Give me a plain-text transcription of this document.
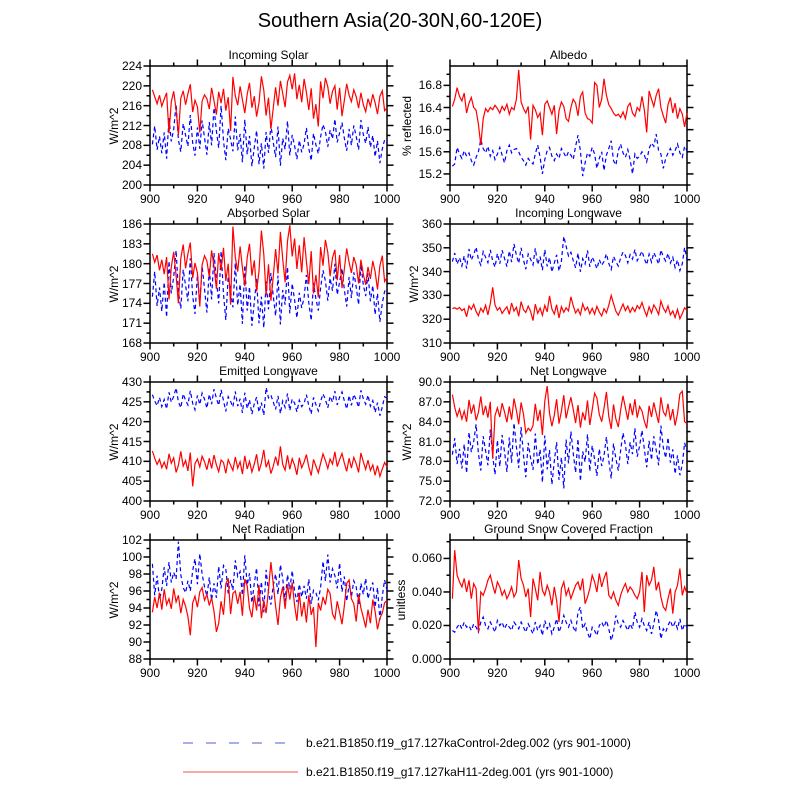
Southern Asia(20-30N,60-120E)
Incoming Solar
W/m^2
900 920 940 960 980 1000
200
204
208
212
216
220
224
Albedo
% reflected
900 920 940 960 980 1000
15.2
15.6
16.0
16.4
16.8
Absorbed Solar
W/m^2
900 920 940 960 980 1000
168
171
174
177
180
183
186
Incoming Longwave
W/m^2
900 920 940 960 980 1000
310
320
330
340
350
360
Emitted Longwave
W/m^2
900 920 940 960 980 1000
400
405
410
415
420
425
430
Net Longwave
W/m^2
900 920 940 960 980 1000
72.0
75.0
78.0
81.0
84.0
87.0
90.0
Net Radiation
W/m^2
900 920 940 960 980 1000
88
90
92
94
96
98
100
102
Ground Snow Covered Fraction
unitless
900 920 940 960 980 1000
0.000
0.020
0.040
0.060
b.e21.B1850.f19_g17.127kaControl-2deg.002 (yrs 901-1000)
b.e21.B1850.f19_g17.127kaH11-2deg.001 (yrs 901-1000)
